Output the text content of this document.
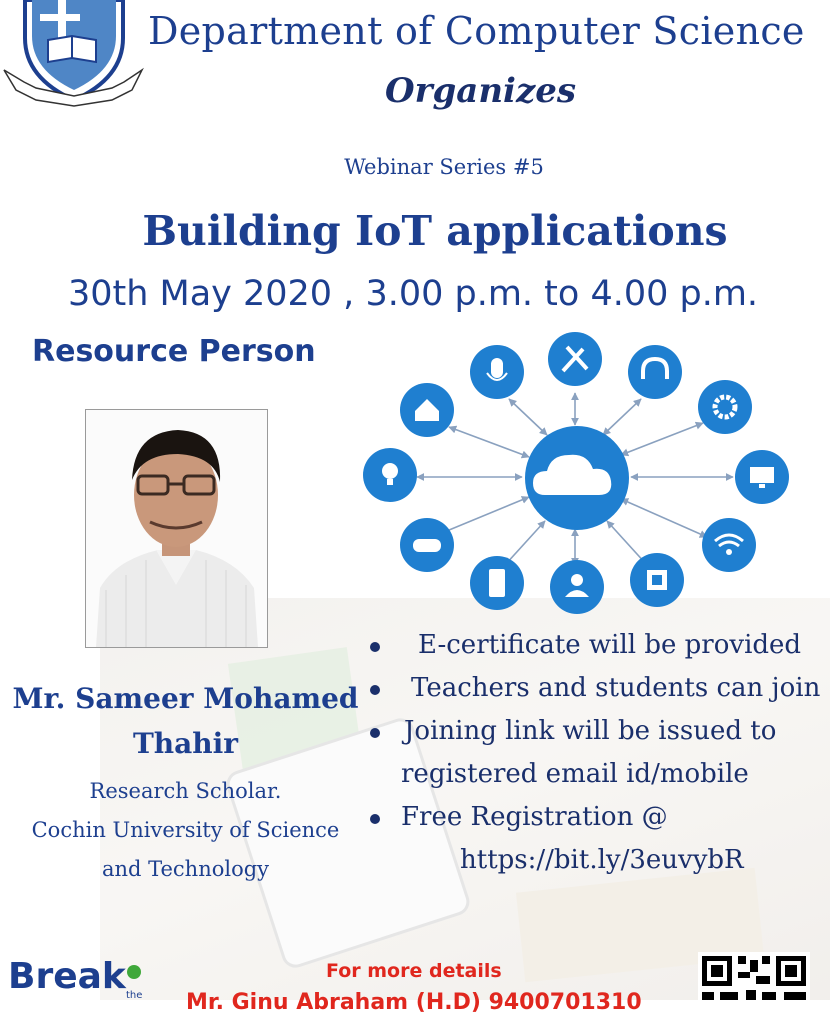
Department of Computer Science
Organizes
Webinar Series #5
Building IoT applications
30th May 2020 , 3.00 p.m. to 4.00 p.m.
Resource Person
Mr. Sameer Mohamed
Thahir
Research Scholar.
Cochin University of Science
and Technology
E-certificate will be provided
Teachers and students can join
Joining link will be issued to
registered email id/mobile
Free Registration @
https://bit.ly/3euvybR
Break the
For more details
Mr. Ginu Abraham (H.D) 9400701310
